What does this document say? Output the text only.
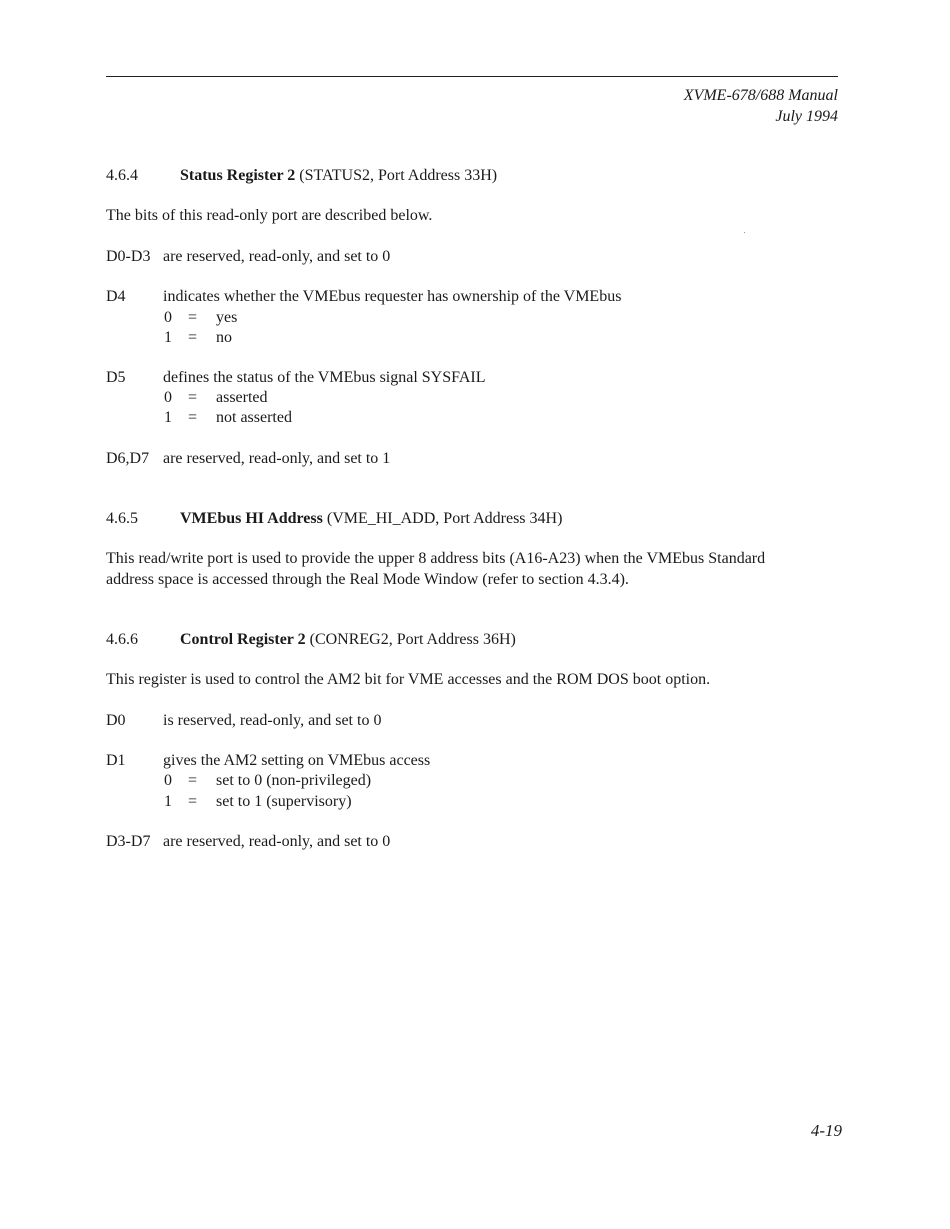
XVME-678/688 Manual
July 1994
4.6.4	Status Register 2 (STATUS2, Port Address 33H)
The bits of this read-only port are described below.
D0-D3 are reserved, read-only, and set to 0
D4 indicates whether the VMEbus requester has ownership of the VMEbus
0 = yes
1 = no
D5 defines the status of the VMEbus signal SYSFAIL
0 = asserted
1 = not asserted
D6,D7 are reserved, read-only, and set to 1
4.6.5	VMEbus HI Address (VME_HI_ADD, Port Address 34H)
This read/write port is used to provide the upper 8 address bits (A16-A23) when the VMEbus Standard
address space is accessed through the Real Mode Window (refer to section 4.3.4).
4.6.6	Control Register 2 (CONREG2, Port Address 36H)
This register is used to control the AM2 bit for VME accesses and the ROM DOS boot option.
D0 is reserved, read-only, and set to 0
D1 gives the AM2 setting on VMEbus access
0 = set to 0 (non-privileged)
1 = set to 1 (supervisory)
D3-D7 are reserved, read-only, and set to 0
4-19
